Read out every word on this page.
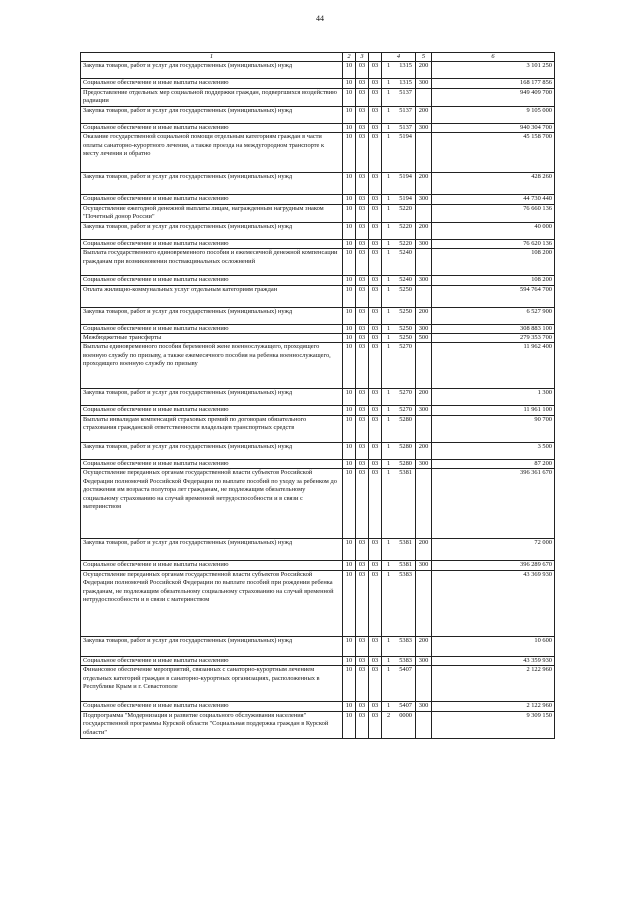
44
1	2	3		4	5	6
Закупка товаров, работ и услуг для государственных (муниципальных) нужд	10	03	03	1 1315	200	3 101 250
Социальное обеспечение и иные выплаты населению	10	03	03	1 1315	300	168 177 856
Предоставление отдельных мер социальной поддержки граждан, подвергшихся воздействию радиации	10	03	03	1 5137		949 409 700
Закупка товаров, работ и услуг для государственных (муниципальных) нужд	10	03	03	1 5137	200	9 105 000
Социальное обеспечение и иные выплаты населению	10	03	03	1 5137	300	940 304 700
Оказание государственной социальной помощи отдельным категориям граждан в части оплаты санаторно-курортного лечения, а также проезда на междугородном транспорте к месту лечения и обратно	10	03	03	1 5194		45 158 700
Закупка товаров, работ и услуг для государственных (муниципальных) нужд	10	03	03	1 5194	200	428 260
Социальное обеспечение и иные выплаты населению	10	03	03	1 5194	300	44 730 440
Осуществление ежегодной денежной выплаты лицам, награжденным нагрудным знаком "Почетный донор России"	10	03	03	1 5220		76 660 136
Закупка товаров, работ и услуг для государственных (муниципальных) нужд	10	03	03	1 5220	200	40 000
Социальное обеспечение и иные выплаты населению	10	03	03	1 5220	300	76 620 136
Выплата государственного единовременного пособия и ежемесячной денежной компенсации гражданам при возникновении поствакцинальных осложнений	10	03	03	1 5240		108 200
Социальное обеспечение и иные выплаты населению	10	03	03	1 5240	300	108 200
Оплата жилищно-коммунальных услуг отдельным категориям граждан	10	03	03	1 5250		594 764 700
Закупка товаров, работ и услуг для государственных (муниципальных) нужд	10	03	03	1 5250	200	6 527 900
Социальное обеспечение и иные выплаты населению	10	03	03	1 5250	300	308 883 100
Межбюджетные трансферты	10	03	03	1 5250	500	279 353 700
Выплаты единовременного пособия беременной жене военнослужащего, проходящего военную службу по призыву, а также ежемесячного пособия на ребенка военнослужащего, проходящего военную службу по призыву	10	03	03	1 5270		11 962 400
Закупка товаров, работ и услуг для государственных (муниципальных) нужд	10	03	03	1 5270	200	1 300
Социальное обеспечение и иные выплаты населению	10	03	03	1 5270	300	11 961 100
Выплаты инвалидам компенсаций страховых премий по договорам обязательного страхования гражданской ответственности владельцев транспортных средств	10	03	03	1 5280		90 700
Закупка товаров, работ и услуг для государственных (муниципальных) нужд	10	03	03	1 5280	200	3 500
Социальное обеспечение и иные выплаты населению	10	03	03	1 5280	300	87 200
Осуществление переданных органам государственной власти субъектов Российской Федерации полномочий Российской Федерации по выплате пособий по уходу за ребенком до достижения им возраста полутора лет гражданам, не подлежащим обязательному социальному страхованию на случай временной нетрудоспособности и в связи с материнством	10	03	03	1 5381		396 361 670
Закупка товаров, работ и услуг для государственных (муниципальных) нужд	10	03	03	1 5381	200	72 000
Социальное обеспечение и иные выплаты населению	10	03	03	1 5381	300	396 289 670
Осуществление переданных органам государственной власти субъектов Российской Федерации полномочий Российской Федерации по выплате пособий при рождении ребенка гражданам, не подлежащим обязательному социальному страхованию на случай временной нетрудоспособности и в связи с материнством	10	03	03	1 5383		43 369 930
Закупка товаров, работ и услуг для государственных (муниципальных) нужд	10	03	03	1 5383	200	10 600
Социальное обеспечение и иные выплаты населению	10	03	03	1 5383	300	43 359 930
Финансовое обеспечение мероприятий, связанных с санаторно-курортным лечением отдельных категорий граждан в санаторно-курортных организациях, расположенных в Республике Крым и г. Севастополе	10	03	03	1 5407		2 122 960
Социальное обеспечение и иные выплаты населению	10	03	03	1 5407	300	2 122 960
Подпрограмма "Модернизация и развитие социального обслуживания населения" государственной программы Курской области "Социальная поддержка граждан в Курской области"	10	03	03	2 0000		9 309 150
